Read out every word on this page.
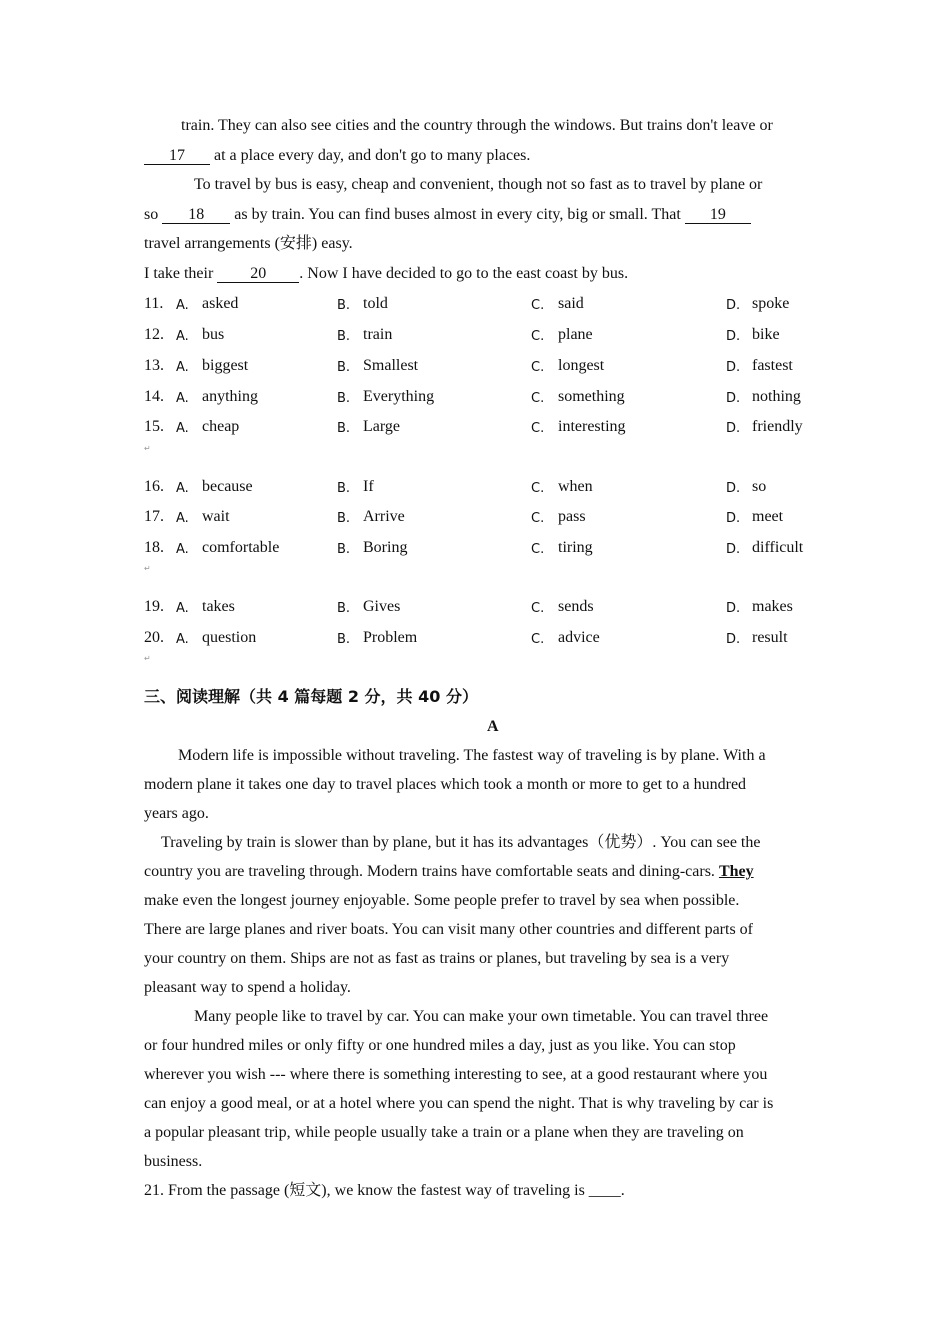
train. They can also see cities and the country through the windows. But trains don't leave or
17 at a place every day, and don't go to many places.
To travel by bus is easy, cheap and convenient, though not so fast as to travel by plane or
so 18 as by train. You can find buses almost in every city, big or small. That 19
travel arrangements (安排) easy.
I take their 20 . Now I have decided to go to the east coast by bus.
11. A. asked	B. told	C. said	D. spoke
12. A. bus	B. train	C. plane	D. bike
13. A. biggest	B. Smallest	C. longest	D. fastest
14. A. anything	B. Everything	C. something	D. nothing
15. A. cheap	B. Large	C. interesting	D. friendly
↵
16. A. because	B. If	C. when	D. so
17. A. wait	B. Arrive	C. pass	D. meet
18. A. comfortable	B. Boring	C. tiring	D. difficult
↵
19. A. takes	B. Gives	C. sends	D. makes
20. A. question	B. Problem	C. advice	D. result
↵
三、阅读理解（共 4 篇每题 2 分，共 40 分）
A
Modern life is impossible without traveling. The fastest way of traveling is by plane. With a
modern plane it takes one day to travel places which took a month or more to get to a hundred
years ago.
Traveling by train is slower than by plane, but it has its advantages（优势）. You can see the
country you are traveling through. Modern trains have comfortable seats and dining-cars. They
make even the longest journey enjoyable. Some people prefer to travel by sea when possible.
There are large planes and river boats. You can visit many other countries and different parts of
your country on them. Ships are not as fast as trains or planes, but traveling by sea is a very
pleasant way to spend a holiday.
Many people like to travel by car. You can make your own timetable. You can travel three
or four hundred miles or only fifty or one hundred miles a day, just as you like. You can stop
wherever you wish --- where there is something interesting to see, at a good restaurant where you
can enjoy a good meal, or at a hotel where you can spend the night. That is why traveling by car is
a popular pleasant trip, while people usually take a train or a plane when they are traveling on
business.
21. From the passage (短文), we know the fastest way of traveling is ____.
